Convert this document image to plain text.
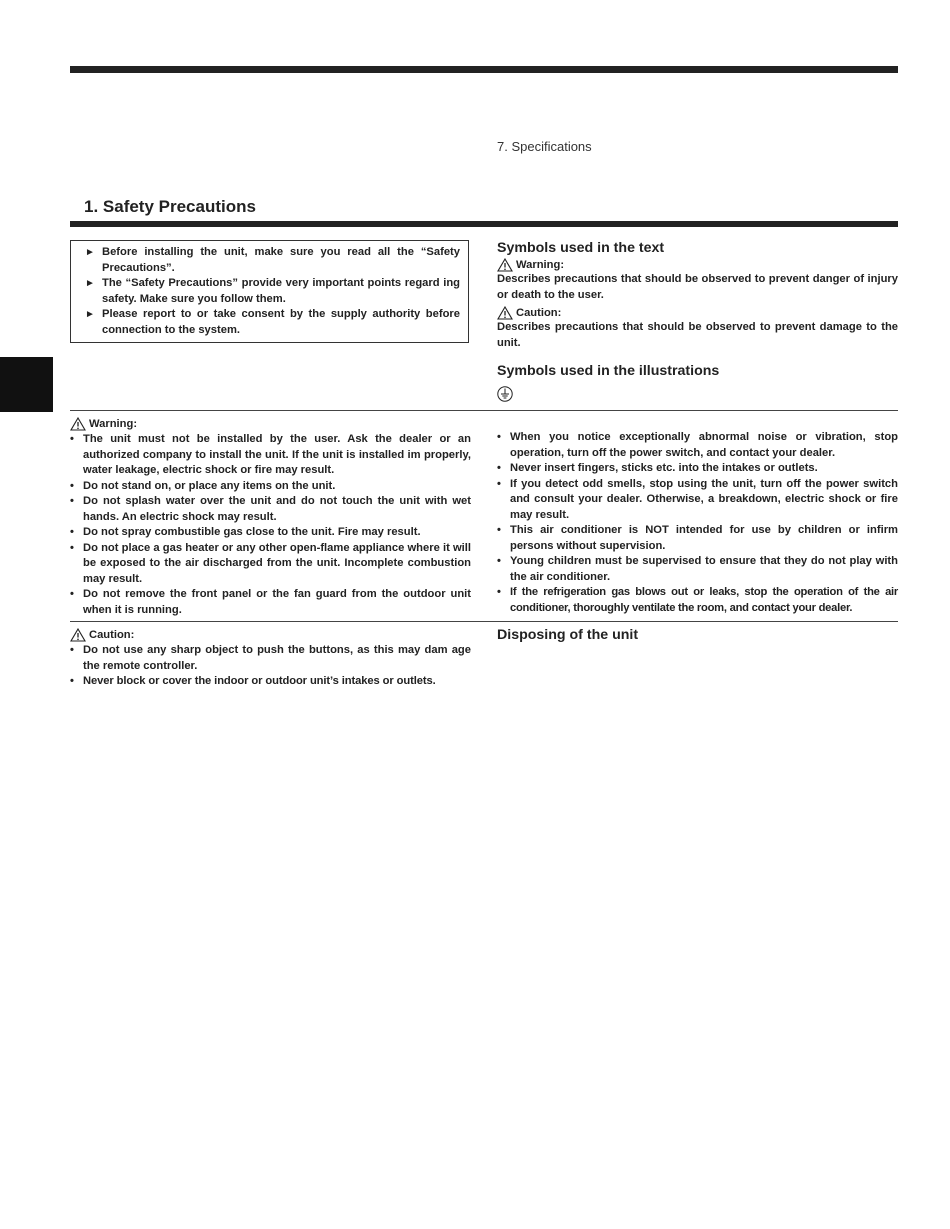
7. Specifications
1. Safety Precautions
► Before installing the unit, make sure you read all the “Safety Precautions”.
► The “Safety Precautions” provide very important points regard ing safety. Make sure you follow them.
► Please report to or take consent by the supply authority before connection to the system.
Symbols used in the text
Warning:
Describes precautions that should be observed to prevent danger of injury or death to the user.
Caution:
Describes precautions that should be observed to prevent damage to the unit.
Symbols used in the illustrations
Warning:
• The unit must not be installed by the user. Ask the dealer or an authorized company to install the unit. If the unit is installed im properly, water leakage, electric shock or fire may result.
• Do not stand on, or place any items on the unit.
• Do not splash water over the unit and do not touch the unit with wet hands. An electric shock may result.
• Do not spray combustible gas close to the unit. Fire may result.
• Do not place a gas heater or any other open-flame appliance where it will be exposed to the air discharged from the unit. Incomplete combustion may result.
• Do not remove the front panel or the fan guard from the outdoor unit when it is running.
• When you notice exceptionally abnormal noise or vibration, stop operation, turn off the power switch, and contact your dealer.
• Never insert fingers, sticks etc. into the intakes or outlets.
• If you detect odd smells, stop using the unit, turn off the power switch and consult your dealer. Otherwise, a breakdown, electric shock or fire may result.
• This air conditioner is NOT intended for use by children or infirm persons without supervision.
• Young children must be supervised to ensure that they do not play with the air conditioner.
• If the refrigeration gas blows out or leaks, stop the operation of the air conditioner, thoroughly ventilate the room, and contact your dealer.
Caution:
• Do not use any sharp object to push the buttons, as this may dam age the remote controller.
• Never block or cover the indoor or outdoor unit’s intakes or outlets.
Disposing of the unit
